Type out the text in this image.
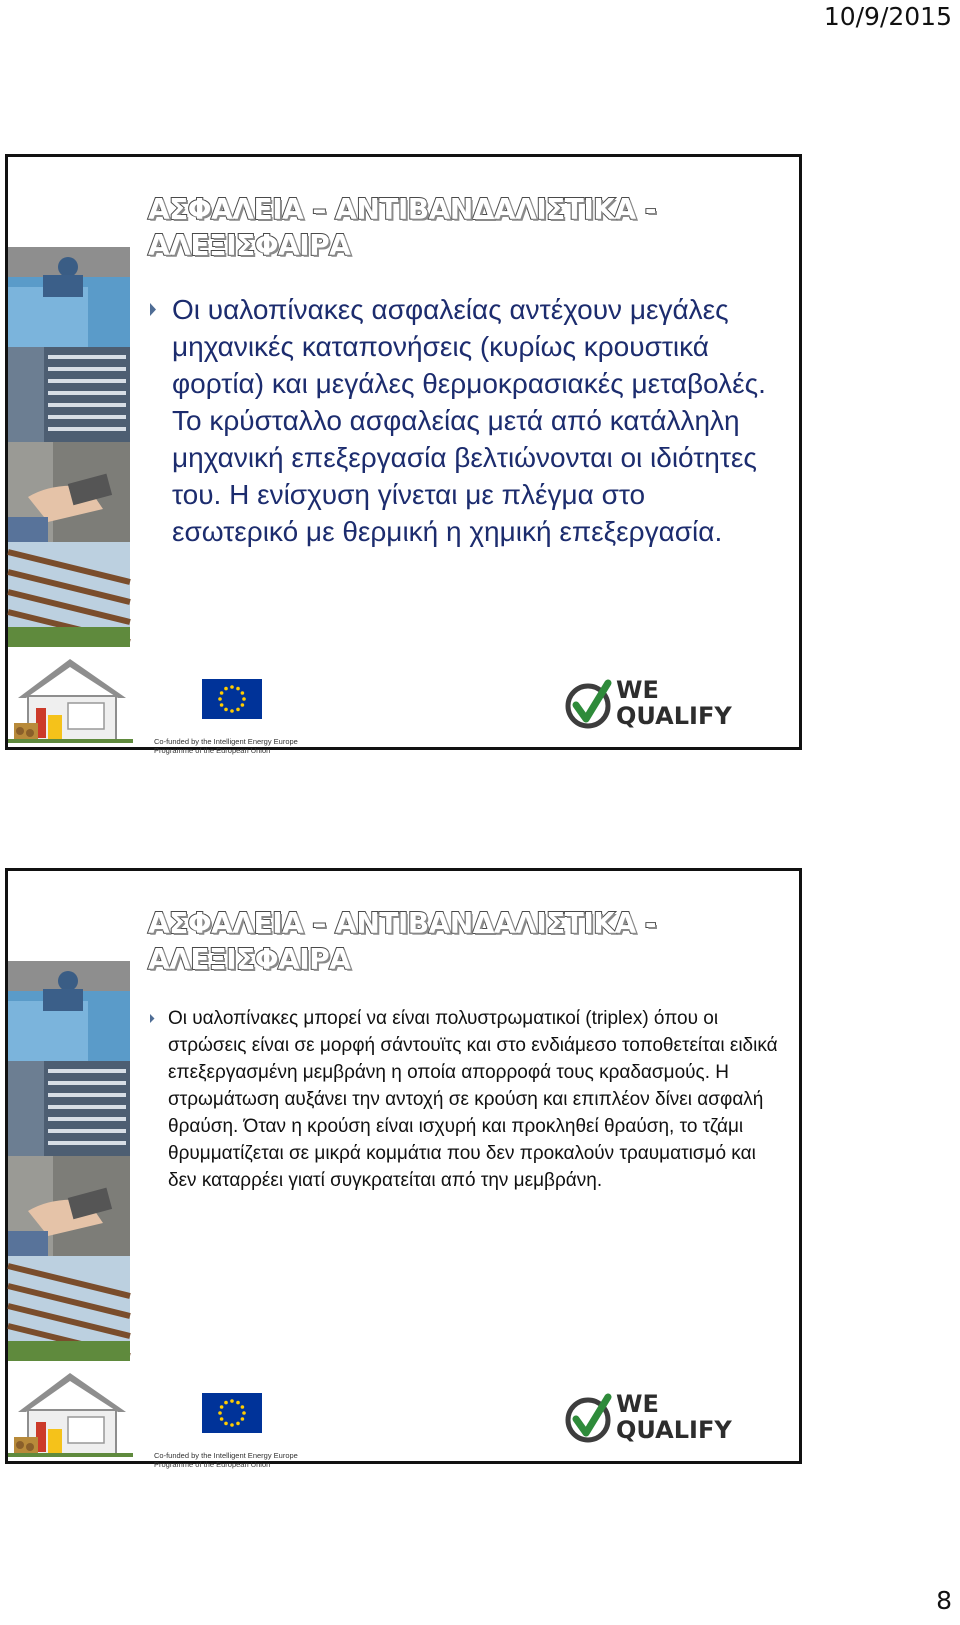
10/9/2015
ΑΣΦΑΛΕΙΑ – ΑΝΤΙΒΑΝΔΑΛΙΣΤΙΚΑ - ΑΛΕΞΙΣΦΑΙΡΑ
Οι υαλοπίνακες ασφαλείας αντέχουν μεγάλες μηχανικές καταπονήσεις (κυρίως κρουστικά φορτία) και μεγάλες θερμοκρασιακές μεταβολές. Το κρύσταλλο ασφαλείας μετά από κατάλληλη μηχανική επεξεργασία βελτιώνονται οι ιδιότητες του. Η ενίσχυση γίνεται με πλέγμα στο εσωτερικό με θερμική η χημική επεξεργασία.
Co-funded by the Intelligent Energy Europe Programme of the European Union
WE
QUALIFY
ΑΣΦΑΛΕΙΑ – ΑΝΤΙΒΑΝΔΑΛΙΣΤΙΚΑ - ΑΛΕΞΙΣΦΑΙΡΑ
Οι υαλοπίνακες μπορεί να είναι πολυστρωματικοί (triplex) όπου οι στρώσεις είναι σε μορφή σάντουϊτς και στο ενδιάμεσο τοποθετείται ειδικά επεξεργασμένη μεμβράνη η οποία απορροφά τους κραδασμούς. Η στρωμάτωση αυξάνει την αντοχή σε κρούση και επιπλέον δίνει ασφαλή θραύση. Όταν η κρούση είναι ισχυρή και προκληθεί θραύση, το τζάμι θρυμματίζεται σε μικρά κομμάτια που δεν προκαλούν τραυματισμό και δεν καταρρέει γιατί συγκρατείται από την μεμβράνη.
Co-funded by the Intelligent Energy Europe Programme of the European Union
WE
QUALIFY
8
